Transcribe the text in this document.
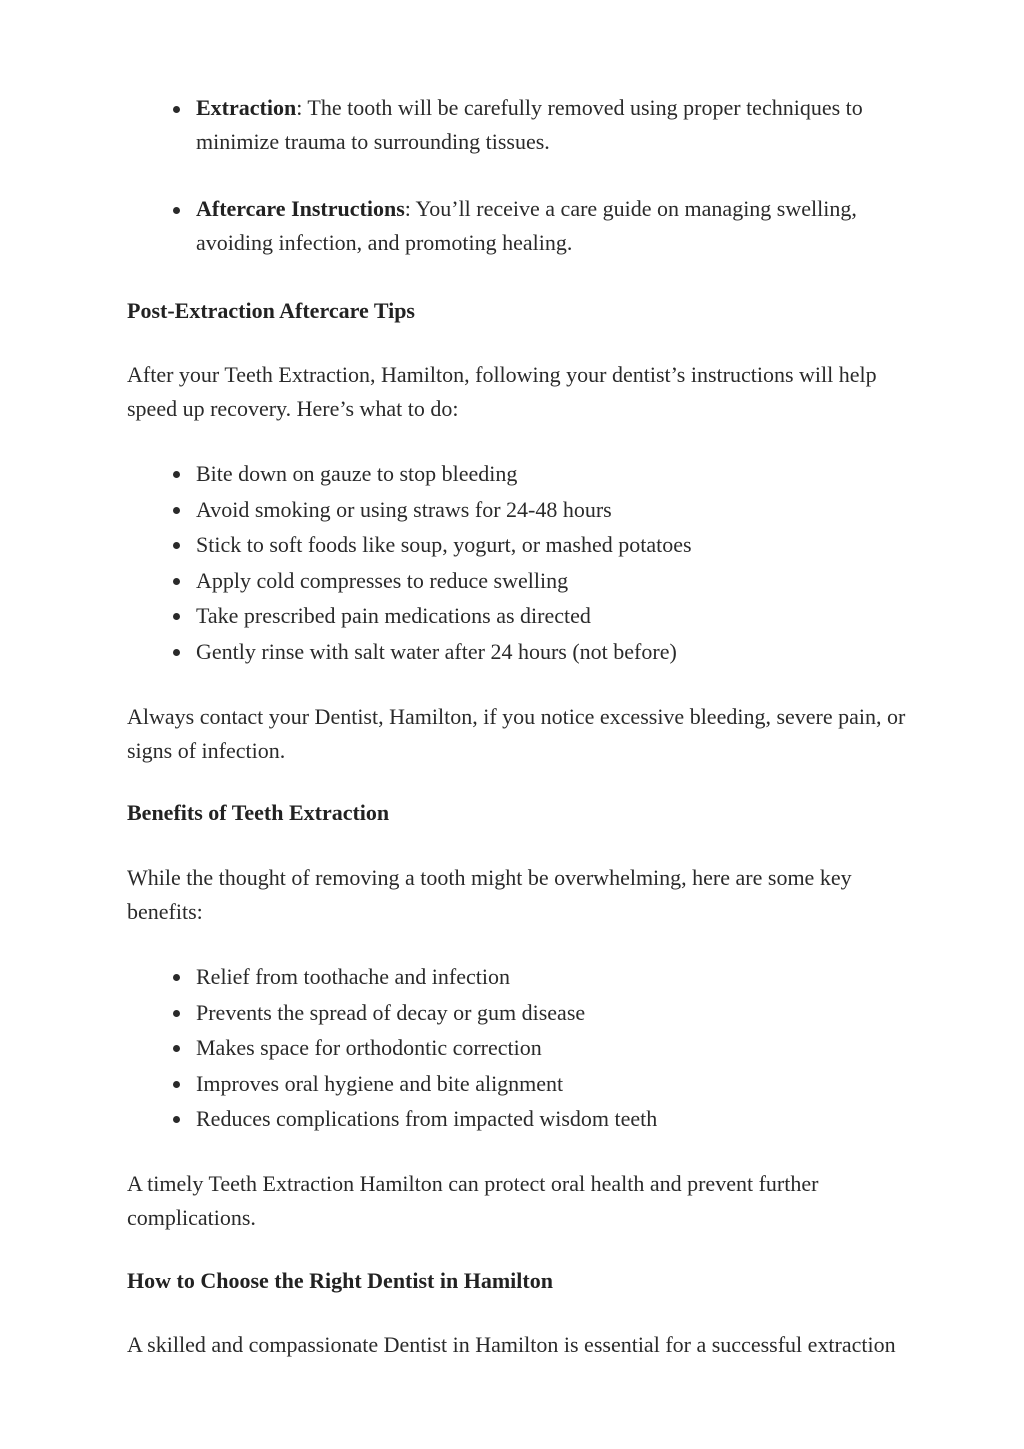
Extraction: The tooth will be carefully removed using proper techniques to minimize trauma to surrounding tissues.
Aftercare Instructions: You’ll receive a care guide on managing swelling, avoiding infection, and promoting healing.
Post-Extraction Aftercare Tips

After your Teeth Extraction, Hamilton, following your dentist’s instructions will help speed up recovery. Here’s what to do:

Bite down on gauze to stop bleeding
Avoid smoking or using straws for 24-48 hours
Stick to soft foods like soup, yogurt, or mashed potatoes
Apply cold compresses to reduce swelling
Take prescribed pain medications as directed
Gently rinse with salt water after 24 hours (not before)

Always contact your Dentist, Hamilton, if you notice excessive bleeding, severe pain, or signs of infection.

Benefits of Teeth Extraction

While the thought of removing a tooth might be overwhelming, here are some key benefits:

Relief from toothache and infection
Prevents the spread of decay or gum disease
Makes space for orthodontic correction
Improves oral hygiene and bite alignment
Reduces complications from impacted wisdom teeth

A timely Teeth Extraction Hamilton can protect oral health and prevent further complications.

How to Choose the Right Dentist in Hamilton

A skilled and compassionate Dentist in Hamilton is essential for a successful extraction
